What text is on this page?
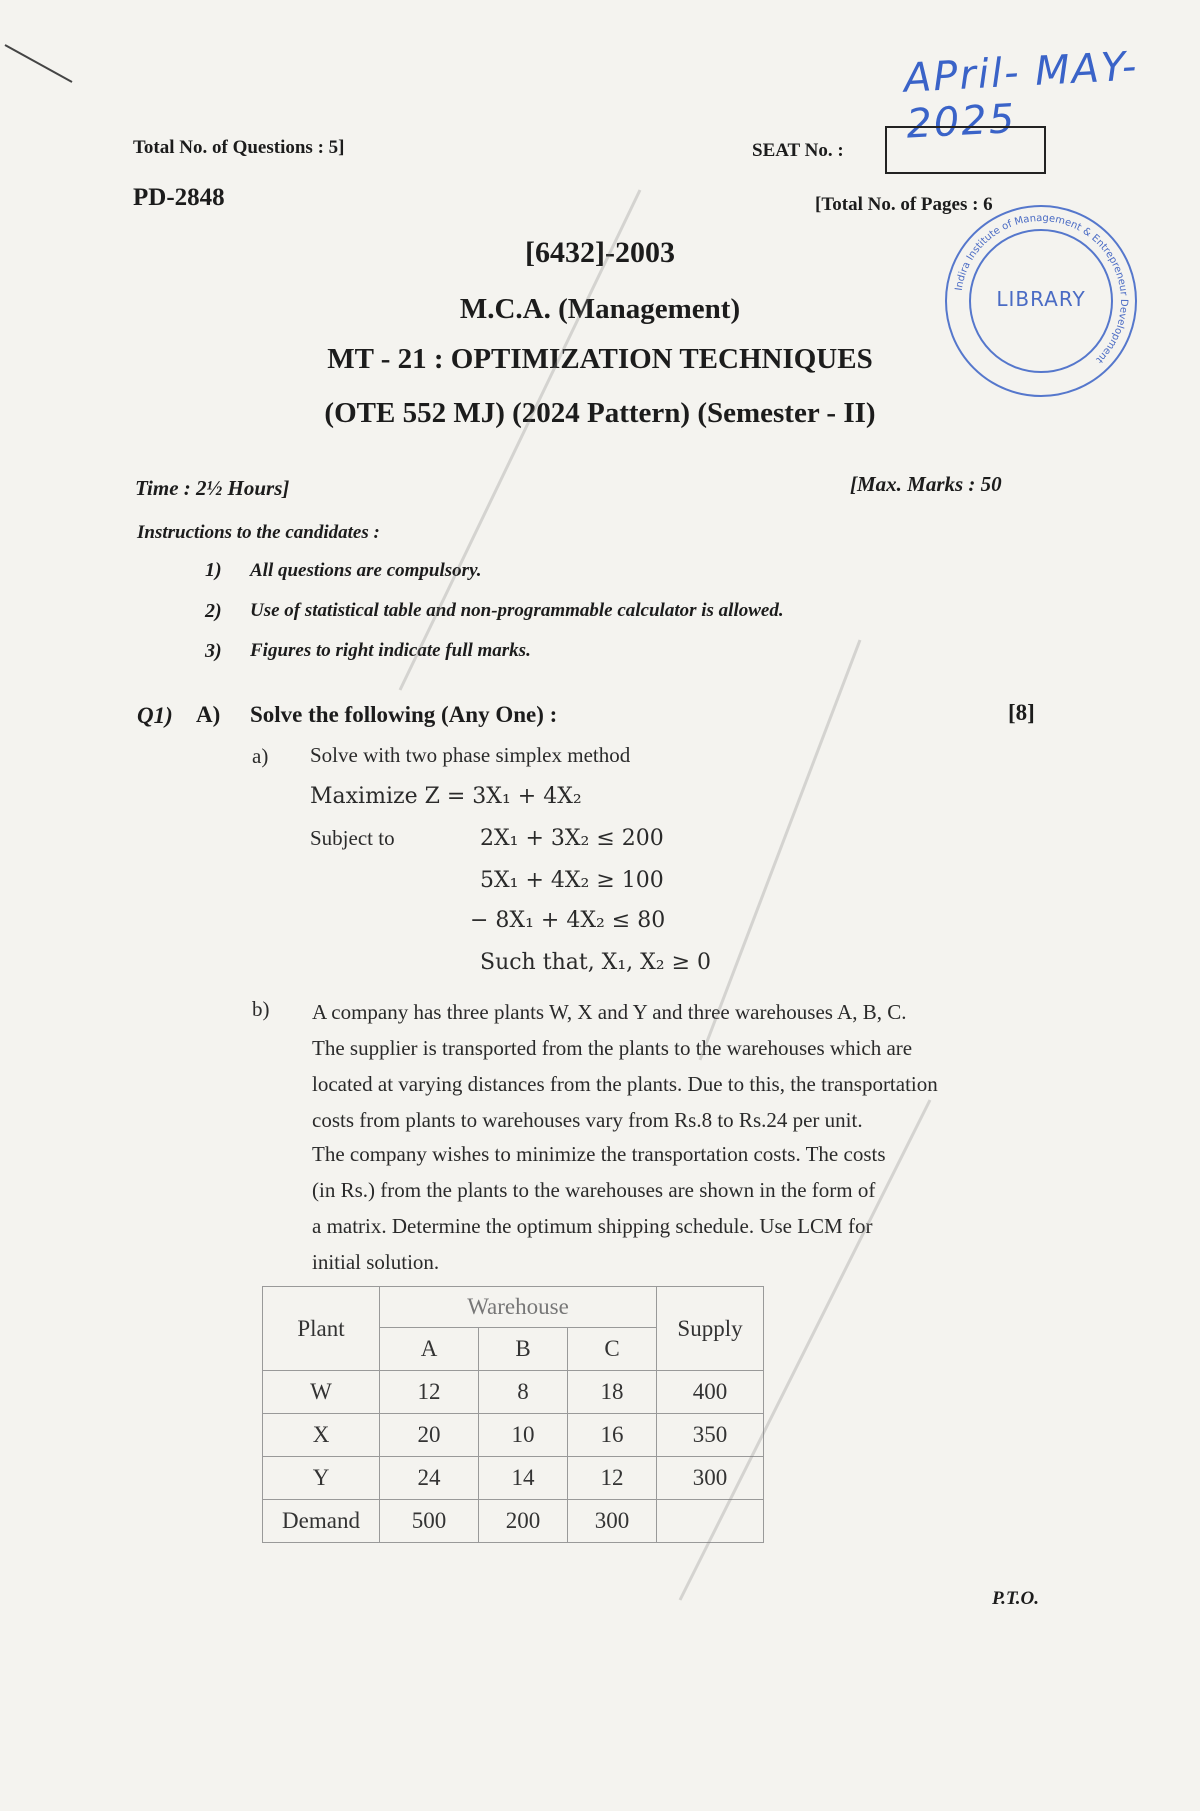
APril- MAY-2025
Total No. of Questions : 5]	SEAT No. :
PD-2848	[Total No. of Pages : 6
Indira Institute of Management & Entrepreneur Development
LIBRARY
[6432]-2003
M.C.A. (Management)
MT - 21 : OPTIMIZATION TECHNIQUES
(OTE 552 MJ) (2024 Pattern) (Semester - II)
Time : 2½ Hours]	[Max. Marks : 50
Instructions to the candidates :
1) All questions are compulsory.
2) Use of statistical table and non-programmable calculator is allowed.
3) Figures to right indicate full marks.
Q1) A) Solve the following (Any One) :	[8]
a) Solve with two phase simplex method
Maximize Z = 3X₁ + 4X₂
Subject to	2X₁ + 3X₂ ≤ 200
5X₁ + 4X₂ ≥ 100
− 8X₁ + 4X₂ ≤ 80
Such that, X₁, X₂ ≥ 0
b) A company has three plants W, X and Y and three warehouses A, B, C.
The supplier is transported from the plants to the warehouses which are
located at varying distances from the plants. Due to this, the transportation
costs from plants to warehouses vary from Rs.8 to Rs.24 per unit.
The company wishes to minimize the transportation costs. The costs
(in Rs.) from the plants to the warehouses are shown in the form of
a matrix. Determine the optimum shipping schedule. Use LCM for
initial solution.
Plant	Warehouse			Supply
	A	B	C	
W	12	8	18	400
X	20	10	16	350
Y	24	14	12	300
Demand	500	200	300	
P.T.O.
